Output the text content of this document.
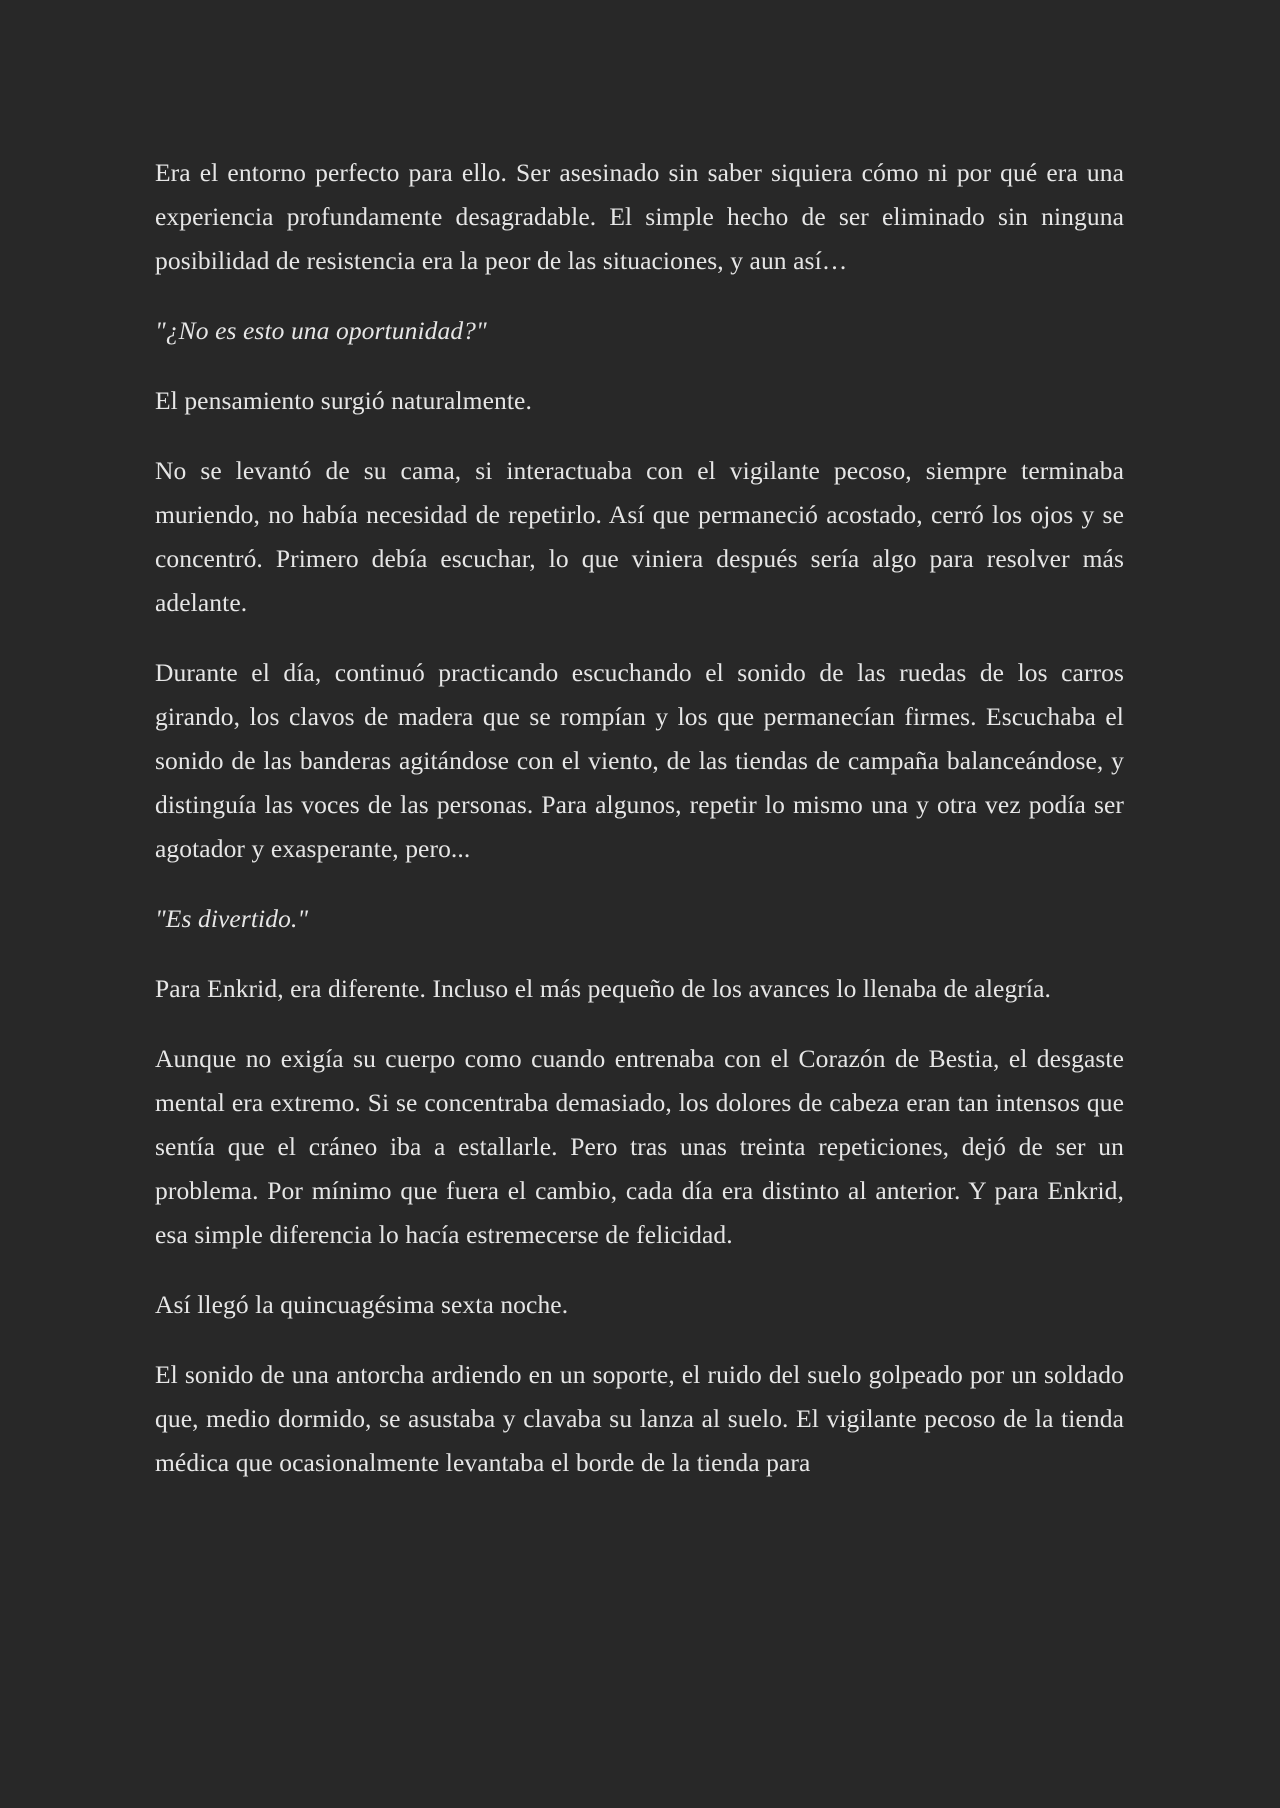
Era el entorno perfecto para ello. Ser asesinado sin saber siquiera cómo ni por qué era una experiencia profundamente desagradable. El simple hecho de ser eliminado sin ninguna posibilidad de resistencia era la peor de las situaciones, y aun así…

"¿No es esto una oportunidad?"

El pensamiento surgió naturalmente.

No se levantó de su cama, si interactuaba con el vigilante pecoso, siempre terminaba muriendo, no había necesidad de repetirlo. Así que permaneció acostado, cerró los ojos y se concentró. Primero debía escuchar, lo que viniera después sería algo para resolver más adelante.

Durante el día, continuó practicando escuchando el sonido de las ruedas de los carros girando, los clavos de madera que se rompían y los que permanecían firmes. Escuchaba el sonido de las banderas agitándose con el viento, de las tiendas de campaña balanceándose, y distinguía las voces de las personas. Para algunos, repetir lo mismo una y otra vez podía ser agotador y exasperante, pero...

"Es divertido."

Para Enkrid, era diferente. Incluso el más pequeño de los avances lo llenaba de alegría.

Aunque no exigía su cuerpo como cuando entrenaba con el Corazón de Bestia, el desgaste mental era extremo. Si se concentraba demasiado, los dolores de cabeza eran tan intensos que sentía que el cráneo iba a estallarle. Pero tras unas treinta repeticiones, dejó de ser un problema. Por mínimo que fuera el cambio, cada día era distinto al anterior. Y para Enkrid, esa simple diferencia lo hacía estremecerse de felicidad.

Así llegó la quincuagésima sexta noche.

El sonido de una antorcha ardiendo en un soporte, el ruido del suelo golpeado por un soldado que, medio dormido, se asustaba y clavaba su lanza al suelo. El vigilante pecoso de la tienda médica que ocasionalmente levantaba el borde de la tienda para
